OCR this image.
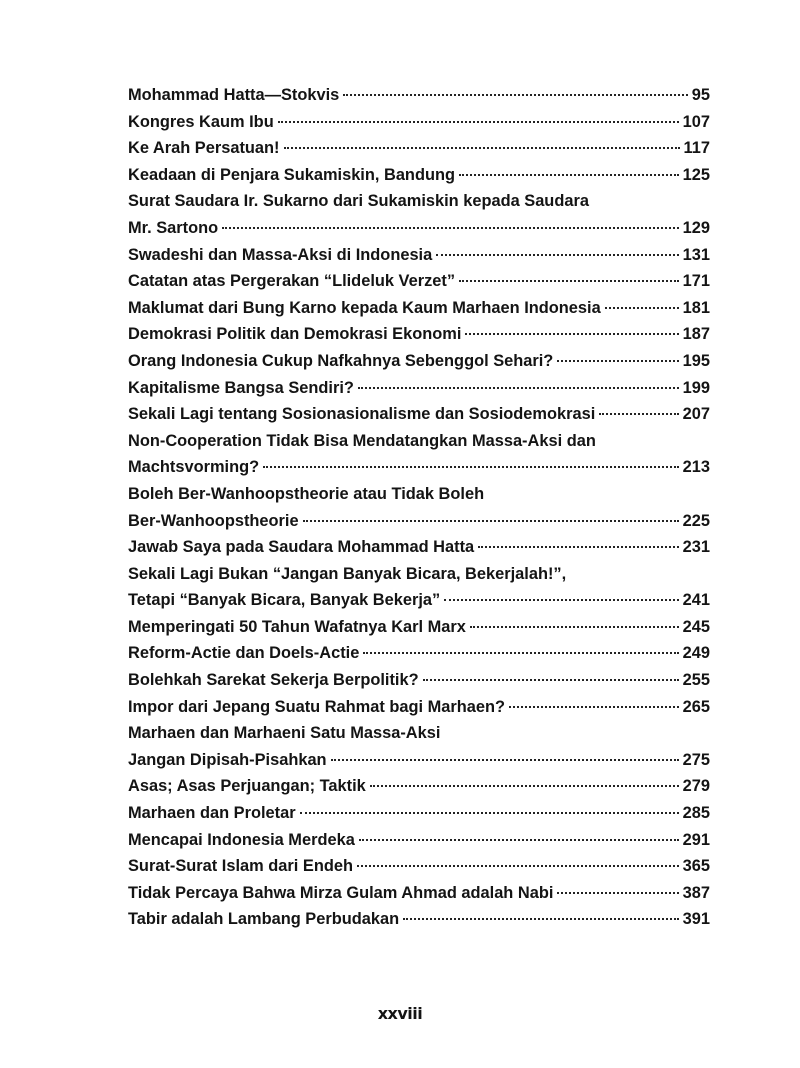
Mohammad Hatta—Stokvis	95
Kongres Kaum Ibu	107
Ke Arah Persatuan!	117
Keadaan di Penjara Sukamiskin, Bandung	125
Surat Saudara Ir. Sukarno dari Sukamiskin kepada Saudara
Mr. Sartono	129
Swadeshi dan Massa-Aksi di Indonesia	131
Catatan atas Pergerakan “Llideluk Verzet”	171
Maklumat dari Bung Karno kepada Kaum Marhaen Indonesia	181
Demokrasi Politik dan Demokrasi Ekonomi	187
Orang Indonesia Cukup Nafkahnya Sebenggol Sehari?	195
Kapitalisme Bangsa Sendiri?	199
Sekali Lagi tentang Sosionasionalisme dan Sosiodemokrasi	207
Non-Cooperation Tidak Bisa Mendatangkan Massa-Aksi dan
Machtsvorming?	213
Boleh Ber-Wanhoopstheorie atau Tidak Boleh
Ber-Wanhoopstheorie	225
Jawab Saya pada Saudara Mohammad Hatta	231
Sekali Lagi Bukan “Jangan Banyak Bicara, Bekerjalah!”,
Tetapi “Banyak Bicara, Banyak Bekerja”	241
Memperingati 50 Tahun Wafatnya Karl Marx	245
Reform-Actie dan Doels-Actie	249
Bolehkah Sarekat Sekerja Berpolitik?	255
Impor dari Jepang Suatu Rahmat bagi Marhaen?	265
Marhaen dan Marhaeni Satu Massa-Aksi
Jangan Dipisah-Pisahkan	275
Asas; Asas Perjuangan; Taktik	279
Marhaen dan Proletar	285
Mencapai Indonesia Merdeka	291
Surat-Surat Islam dari Endeh	365
Tidak Percaya Bahwa Mirza Gulam Ahmad adalah Nabi	387
Tabir adalah Lambang Perbudakan	391
xxviii
